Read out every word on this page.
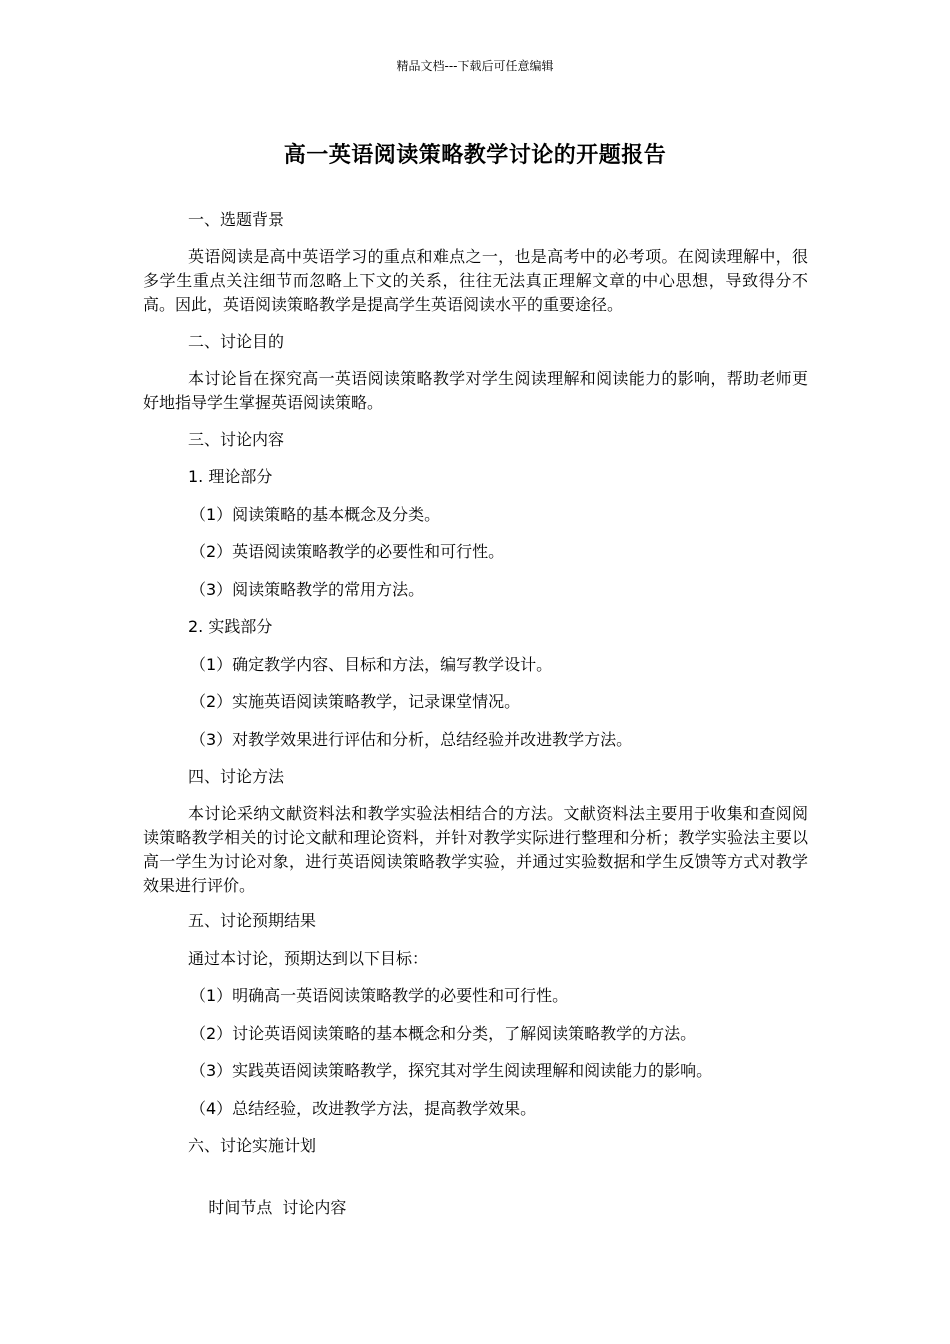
精品文档---下载后可任意编辑
高一英语阅读策略教学讨论的开题报告
一、选题背景
英语阅读是高中英语学习的重点和难点之一，也是高考中的必考项。在阅读理解中，很多学生重点关注细节而忽略上下文的关系，往往无法真正理解文章的中心思想，导致得分不高。因此，英语阅读策略教学是提高学生英语阅读水平的重要途径。
二、讨论目的
本讨论旨在探究高一英语阅读策略教学对学生阅读理解和阅读能力的影响，帮助老师更好地指导学生掌握英语阅读策略。
三、讨论内容
1. 理论部分
（1）阅读策略的基本概念及分类。
（2）英语阅读策略教学的必要性和可行性。
（3）阅读策略教学的常用方法。
2. 实践部分
（1）确定教学内容、目标和方法，编写教学设计。
（2）实施英语阅读策略教学，记录课堂情况。
（3）对教学效果进行评估和分析，总结经验并改进教学方法。
四、讨论方法
本讨论采纳文献资料法和教学实验法相结合的方法。文献资料法主要用于收集和查阅阅读策略教学相关的讨论文献和理论资料，并针对教学实际进行整理和分析；教学实验法主要以高一学生为讨论对象，进行英语阅读策略教学实验，并通过实验数据和学生反馈等方式对教学效果进行评价。
五、讨论预期结果
通过本讨论，预期达到以下目标：
（1）明确高一英语阅读策略教学的必要性和可行性。
（2）讨论英语阅读策略的基本概念和分类，了解阅读策略教学的方法。
（3）实践英语阅读策略教学，探究其对学生阅读理解和阅读能力的影响。
（4）总结经验，改进教学方法，提高教学效果。
六、讨论实施计划

时间节点 讨论内容
